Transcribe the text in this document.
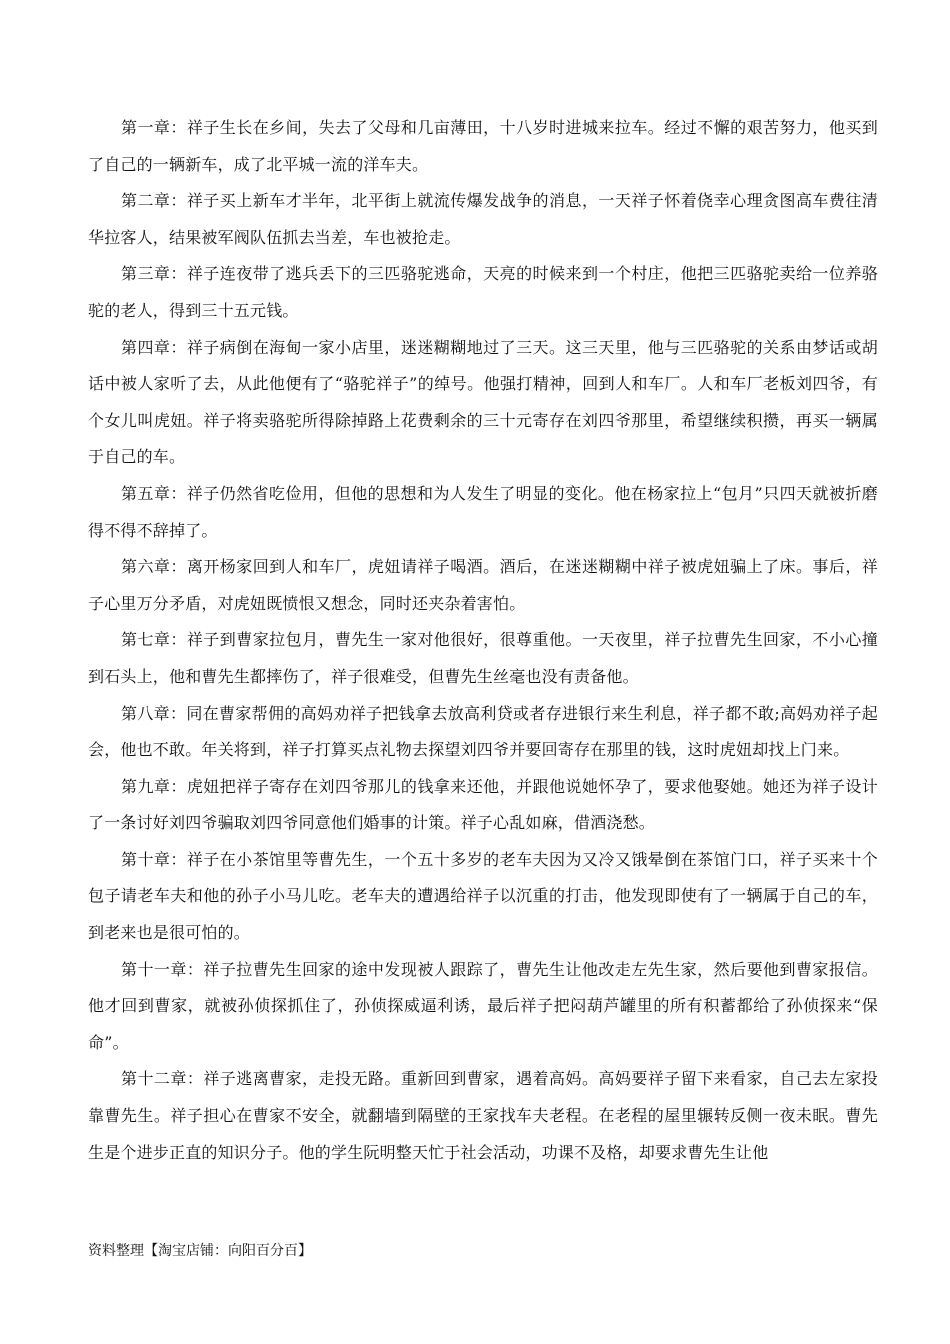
第一章：祥子生长在乡间，失去了父母和几亩薄田，十八岁时进城来拉车。经过不懈的艰苦努力，他买到了自己的一辆新车，成了北平城一流的洋车夫。

第二章：祥子买上新车才半年，北平街上就流传爆发战争的消息，一天祥子怀着侥幸心理贪图高车费往清华拉客人，结果被军阀队伍抓去当差，车也被抢走。

第三章：祥子连夜带了逃兵丢下的三匹骆驼逃命，天亮的时候来到一个村庄，他把三匹骆驼卖给一位养骆驼的老人，得到三十五元钱。

第四章：祥子病倒在海甸一家小店里，迷迷糊糊地过了三天。这三天里，他与三匹骆驼的关系由梦话或胡话中被人家听了去，从此他便有了“骆驼祥子”的绰号。他强打精神，回到人和车厂。人和车厂老板刘四爷，有个女儿叫虎妞。祥子将卖骆驼所得除掉路上花费剩余的三十元寄存在刘四爷那里，希望继续积攒，再买一辆属于自己的车。

第五章：祥子仍然省吃俭用，但他的思想和为人发生了明显的变化。他在杨家拉上“包月”只四天就被折磨得不得不辞掉了。

第六章：离开杨家回到人和车厂，虎妞请祥子喝酒。酒后，在迷迷糊糊中祥子被虎妞骗上了床。事后，祥子心里万分矛盾，对虎妞既愤恨又想念，同时还夹杂着害怕。

第七章：祥子到曹家拉包月，曹先生一家对他很好，很尊重他。一天夜里，祥子拉曹先生回家，不小心撞到石头上，他和曹先生都摔伤了，祥子很难受，但曹先生丝毫也没有责备他。

第八章：同在曹家帮佣的高妈劝祥子把钱拿去放高利贷或者存进银行来生利息，祥子都不敢;高妈劝祥子起会，他也不敢。年关将到，祥子打算买点礼物去探望刘四爷并要回寄存在那里的钱，这时虎妞却找上门来。

第九章：虎妞把祥子寄存在刘四爷那儿的钱拿来还他，并跟他说她怀孕了，要求他娶她。她还为祥子设计了一条讨好刘四爷骗取刘四爷同意他们婚事的计策。祥子心乱如麻，借酒浇愁。

第十章：祥子在小茶馆里等曹先生，一个五十多岁的老车夫因为又冷又饿晕倒在茶馆门口，祥子买来十个包子请老车夫和他的孙子小马儿吃。老车夫的遭遇给祥子以沉重的打击，他发现即使有了一辆属于自己的车，到老来也是很可怕的。

第十一章：祥子拉曹先生回家的途中发现被人跟踪了，曹先生让他改走左先生家，然后要他到曹家报信。他才回到曹家，就被孙侦探抓住了，孙侦探威逼利诱，最后祥子把闷葫芦罐里的所有积蓄都给了孙侦探来“保命”。

第十二章：祥子逃离曹家，走投无路。重新回到曹家，遇着高妈。高妈要祥子留下来看家，自己去左家投靠曹先生。祥子担心在曹家不安全，就翻墙到隔壁的王家找车夫老程。在老程的屋里辗转反侧一夜未眠。曹先生是个进步正直的知识分子。他的学生阮明整天忙于社会活动，功课不及格，却要求曹先生让他

资料整理【淘宝店铺：向阳百分百】
